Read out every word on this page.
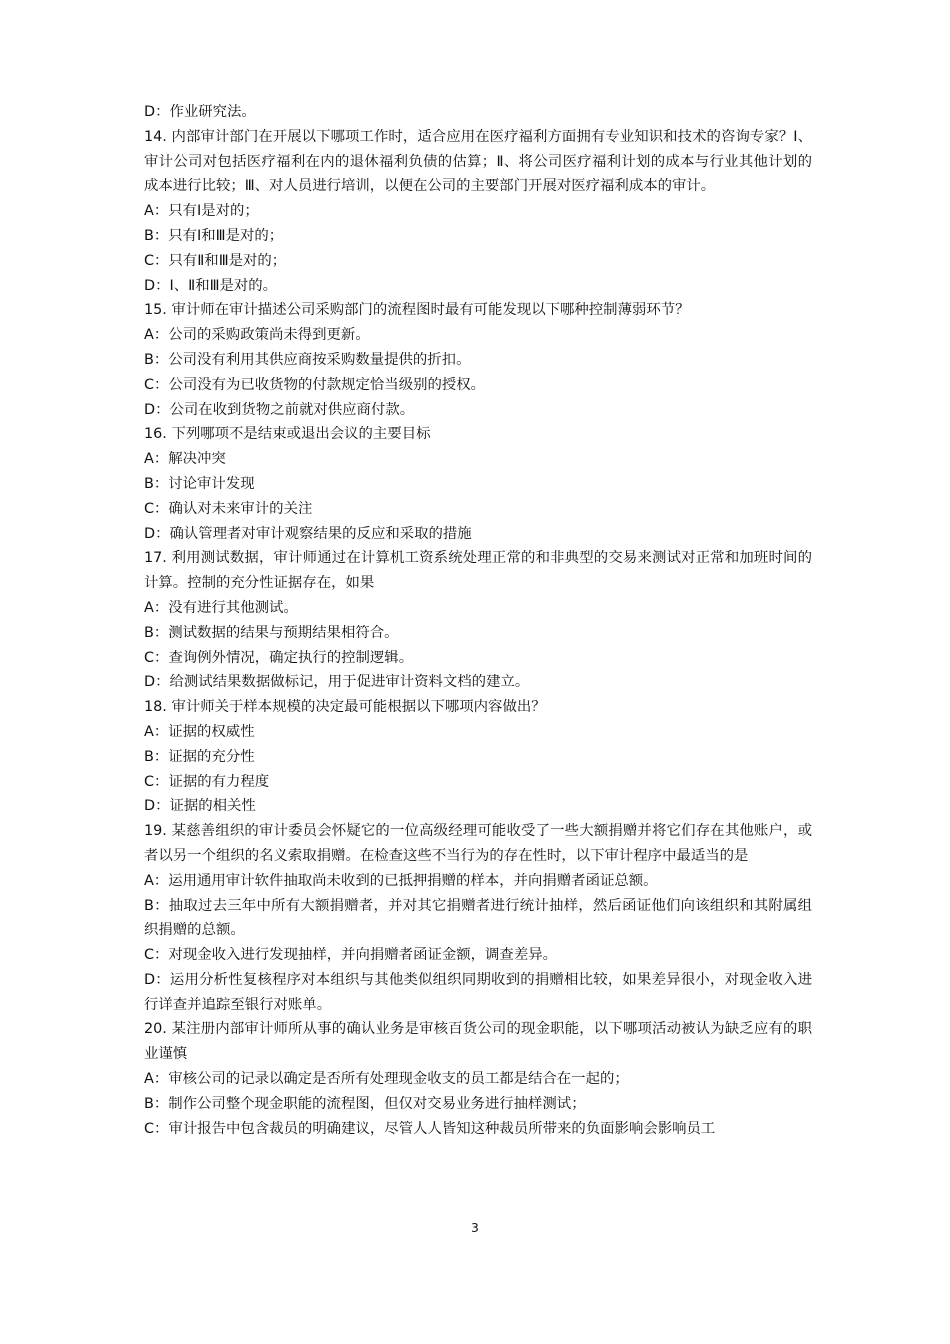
D：作业研究法。
14. 内部审计部门在开展以下哪项工作时，适合应用在医疗福利方面拥有专业知识和技术的咨询专家？Ⅰ、审计公司对包括医疗福利在内的退休福利负债的估算；Ⅱ、将公司医疗福利计划的成本与行业其他计划的成本进行比较；Ⅲ、对人员进行培训，以便在公司的主要部门开展对医疗福利成本的审计。
A：只有Ⅰ是对的；
B：只有Ⅰ和Ⅲ是对的；
C：只有Ⅱ和Ⅲ是对的；
D：Ⅰ、Ⅱ和Ⅲ是对的。
15. 审计师在审计描述公司采购部门的流程图时最有可能发现以下哪种控制薄弱环节？
A：公司的采购政策尚未得到更新。
B：公司没有利用其供应商按采购数量提供的折扣。
C：公司没有为已收货物的付款规定恰当级别的授权。
D：公司在收到货物之前就对供应商付款。
16. 下列哪项不是结束或退出会议的主要目标
A：解决冲突
B：讨论审计发现
C：确认对未来审计的关注
D：确认管理者对审计观察结果的反应和采取的措施
17. 利用测试数据，审计师通过在计算机工资系统处理正常的和非典型的交易来测试对正常和加班时间的计算。控制的充分性证据存在，如果
A：没有进行其他测试。
B：测试数据的结果与预期结果相符合。
C：查询例外情况，确定执行的控制逻辑。
D：给测试结果数据做标记，用于促进审计资料文档的建立。
18. 审计师关于样本规模的决定最可能根据以下哪项内容做出？
A：证据的权威性
B：证据的充分性
C：证据的有力程度
D：证据的相关性
19. 某慈善组织的审计委员会怀疑它的一位高级经理可能收受了一些大额捐赠并将它们存在其他账户，或者以另一个组织的名义索取捐赠。在检查这些不当行为的存在性时，以下审计程序中最适当的是
A：运用通用审计软件抽取尚未收到的已抵押捐赠的样本，并向捐赠者函证总额。
B：抽取过去三年中所有大额捐赠者，并对其它捐赠者进行统计抽样，然后函证他们向该组织和其附属组织捐赠的总额。
C：对现金收入进行发现抽样，并向捐赠者函证金额，调查差异。
D：运用分析性复核程序对本组织与其他类似组织同期收到的捐赠相比较，如果差异很小，对现金收入进行详查并追踪至银行对账单。
20. 某注册内部审计师所从事的确认业务是审核百货公司的现金职能，以下哪项活动被认为缺乏应有的职业谨慎
A：审核公司的记录以确定是否所有处理现金收支的员工都是结合在一起的；
B：制作公司整个现金职能的流程图，但仅对交易业务进行抽样测试；
C：审计报告中包含裁员的明确建议，尽管人人皆知这种裁员所带来的负面影响会影响员工
3
